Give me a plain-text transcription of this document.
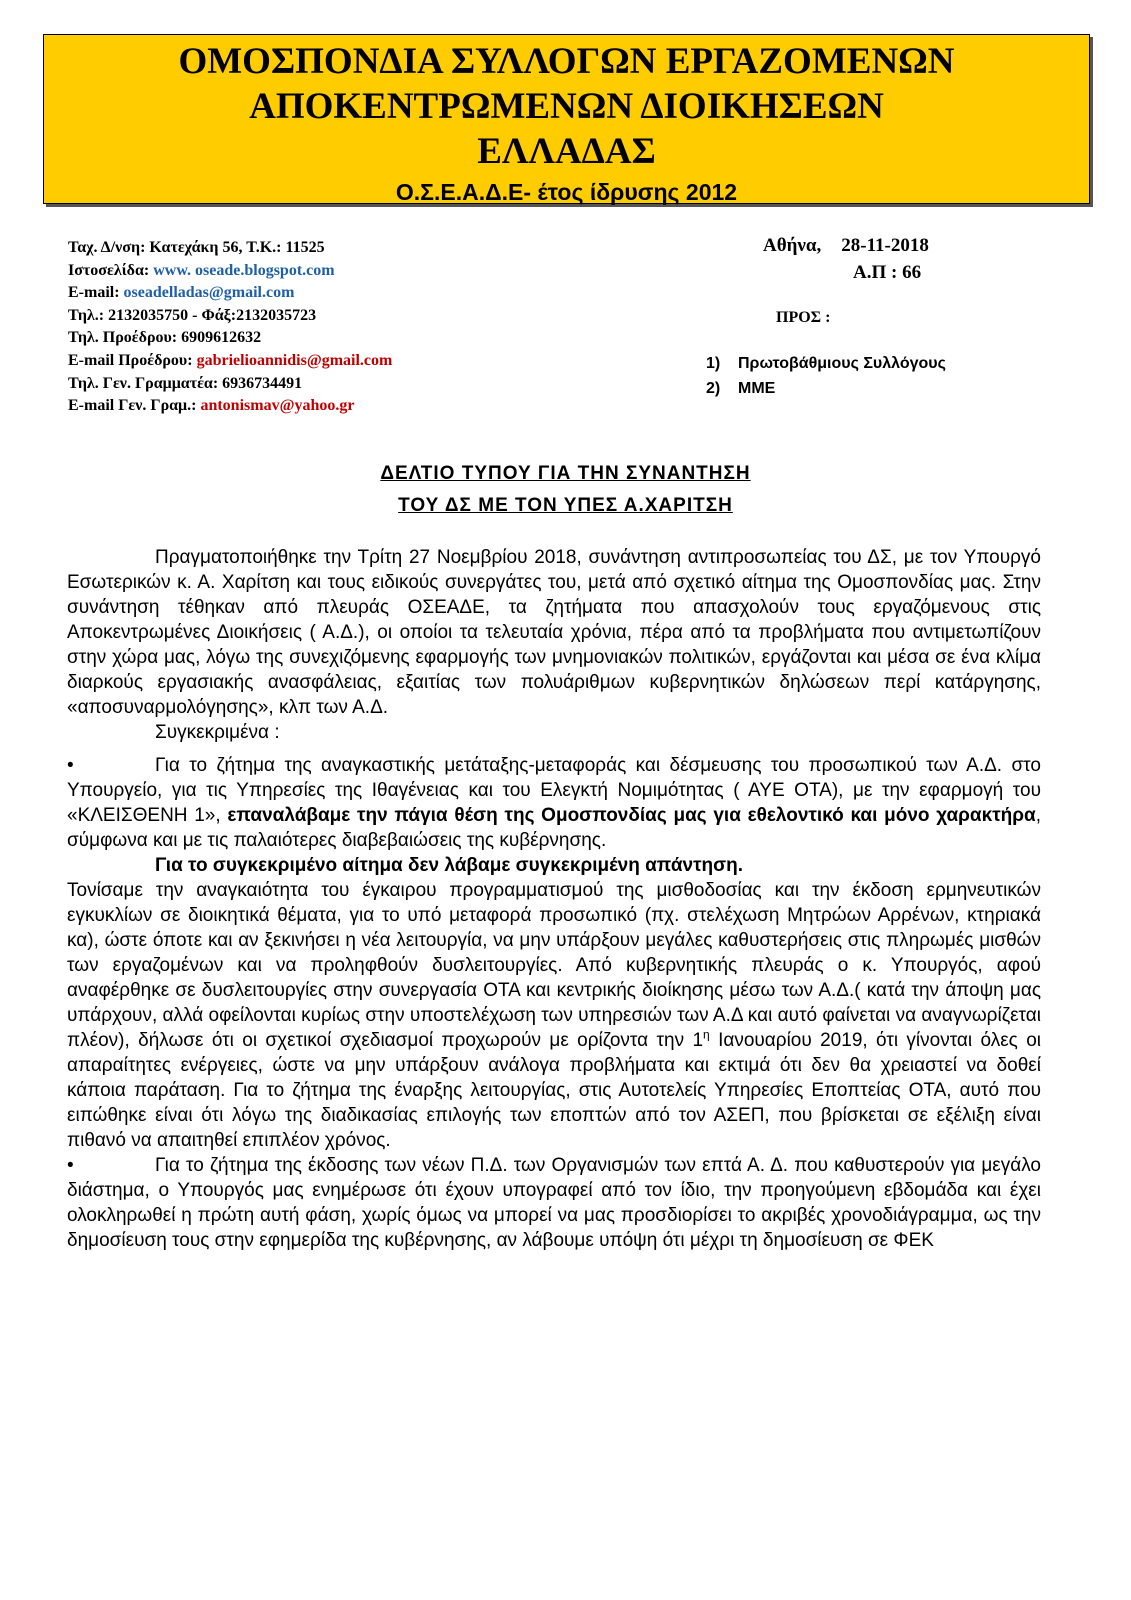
ΟΜΟΣΠΟΝΔΙΑ ΣΥΛΛΟΓΩΝ ΕΡΓΑΖΟΜΕΝΩΝ
ΑΠΟΚΕΝΤΡΩΜΕΝΩΝ ΔΙΟΙΚΗΣΕΩΝ
ΕΛΛΑΔΑΣ
Ο.Σ.Ε.Α.Δ.Ε- έτος ίδρυσης 2012
Ταχ. Δ/νση: Κατεχάκη 56, Τ.Κ.: 11525
Ιστοσελίδα: www. oseade.blogspot.com
E-mail: oseadelladas@gmail.com
Τηλ.: 2132035750 - Φάξ:2132035723
Τηλ. Προέδρου: 6909612632
E-mail Προέδρου: gabrielioannidis@gmail.com
Τηλ. Γεν. Γραμματέα: 6936734491
E-mail Γεν. Γραμ.: antonismav@yahoo.gr
Αθήνα, 28-11-2018
Α.Π : 66
ΠΡΟΣ :
1) Πρωτοβάθμιους Συλλόγους
2) ΜΜΕ
ΔΕΛΤΙΟ ΤΥΠΟΥ ΓΙΑ ΤΗΝ ΣΥΝΑΝΤΗΣΗ
ΤΟΥ ΔΣ ΜΕ ΤΟΝ ΥΠΕΣ Α.ΧΑΡΙΤΣΗ

Πραγματοποιήθηκε την Τρίτη 27 Νοεμβρίου 2018, συνάντηση αντιπροσωπείας του ΔΣ, με τον Υπουργό Εσωτερικών κ. Α. Χαρίτση και τους ειδικούς συνεργάτες του, μετά από σχετικό αίτημα της Ομοσπονδίας μας. Στην συνάντηση τέθηκαν από πλευράς ΟΣΕΑΔΕ, τα ζητήματα που απασχολούν τους εργαζόμενους στις Αποκεντρωμένες Διοικήσεις ( Α.Δ.), οι οποίοι τα τελευταία χρόνια, πέρα από τα προβλήματα που αντιμετωπίζουν στην χώρα μας, λόγω της συνεχιζόμενης εφαρμογής των μνημονιακών πολιτικών, εργάζονται και μέσα σε ένα κλίμα διαρκούς εργασιακής ανασφάλειας, εξαιτίας των πολυάριθμων κυβερνητικών δηλώσεων περί κατάργησης, «αποσυναρμολόγησης», κλπ των Α.Δ.

Συγκεκριμένα :

•	Για το ζήτημα της αναγκαστικής μετάταξης-μεταφοράς και δέσμευσης του προσωπικού των Α.Δ. στο Υπουργείο, για τις Υπηρεσίες της Ιθαγένειας και του Ελεγκτή Νομιμότητας ( ΑΥΕ ΟΤΑ), με την εφαρμογή του «ΚΛΕΙΣΘΕΝΗ 1», επαναλάβαμε την πάγια θέση της Ομοσπονδίας μας για εθελοντικό και μόνο χαρακτήρα, σύμφωνα και με τις παλαιότερες διαβεβαιώσεις της κυβέρνησης.

Για το συγκεκριμένο αίτημα δεν λάβαμε συγκεκριμένη απάντηση.

Τονίσαμε την αναγκαιότητα του έγκαιρου προγραμματισμού της μισθοδοσίας και την έκδοση ερμηνευτικών εγκυκλίων σε διοικητικά θέματα, για το υπό μεταφορά προσωπικό (πχ. στελέχωση Μητρώων Αρρένων, κτηριακά κα), ώστε όποτε και αν ξεκινήσει η νέα λειτουργία, να μην υπάρξουν μεγάλες καθυστερήσεις στις πληρωμές μισθών των εργαζομένων και να προληφθούν δυσλειτουργίες. Από κυβερνητικής πλευράς ο κ. Υπουργός, αφού αναφέρθηκε σε δυσλειτουργίες στην συνεργασία ΟΤΑ και κεντρικής διοίκησης μέσω των Α.Δ.( κατά την άποψη μας υπάρχουν, αλλά οφείλονται κυρίως στην υποστελέχωση των υπηρεσιών των Α.Δ και αυτό φαίνεται να αναγνωρίζεται πλέον), δήλωσε ότι οι σχετικοί σχεδιασμοί προχωρούν με ορίζοντα την $1^\eta$ Ιανουαρίου 2019, ότι γίνονται όλες οι απαραίτητες ενέργειες, ώστε να μην υπάρξουν ανάλογα προβλήματα και εκτιμά ότι δεν θα χρειαστεί να δοθεί κάποια παράταση. Για το ζήτημα της έναρξης λειτουργίας, στις Αυτοτελείς Υπηρεσίες Εποπτείας ΟΤΑ, αυτό που ειπώθηκε είναι ότι λόγω της διαδικασίας επιλογής των εποπτών από τον ΑΣΕΠ, που βρίσκεται σε εξέλιξη είναι πιθανό να απαιτηθεί επιπλέον χρόνος.

•	Για το ζήτημα της έκδοσης των νέων Π.Δ. των Οργανισμών των επτά Α. Δ. που καθυστερούν για μεγάλο διάστημα, ο Υπουργός μας ενημέρωσε ότι έχουν υπογραφεί από τον ίδιο, την προηγούμενη εβδομάδα και έχει ολοκληρωθεί η πρώτη αυτή φάση, χωρίς όμως να μπορεί να μας προσδιορίσει το ακριβές χρονοδιάγραμμα, ως την δημοσίευση τους στην εφημερίδα της κυβέρνησης, αν λάβουμε υπόψη ότι μέχρι τη δημοσίευση σε ΦΕΚ
